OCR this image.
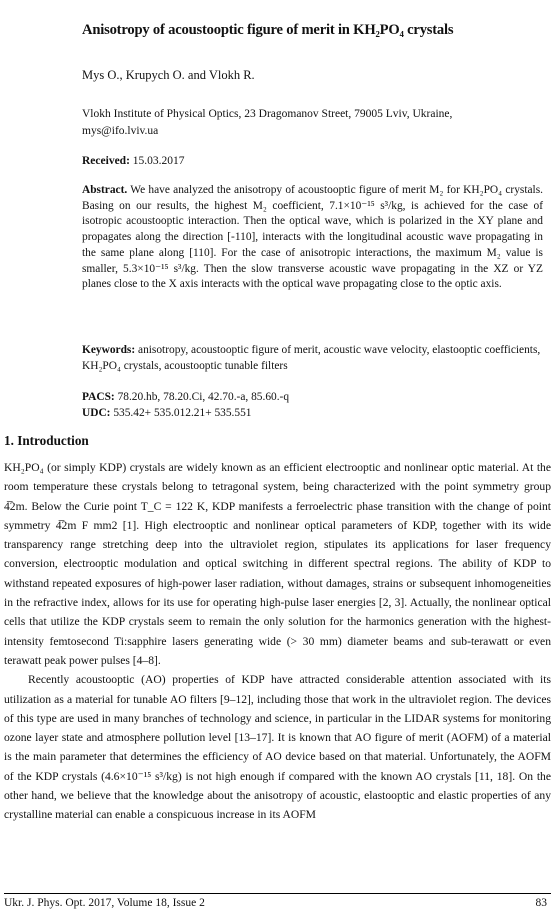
Anisotropy of acoustooptic figure of merit in KH₂PO₄ crystals
Mys O., Krupych O. and Vlokh R.
Vlokh Institute of Physical Optics, 23 Dragomanov Street, 79005 Lviv, Ukraine,
mys@ifo.lviv.ua
Received: 15.03.2017
Abstract. We have analyzed the anisotropy of acoustooptic figure of merit M₂ for KH₂PO₄ crystals. Basing on our results, the highest M₂ coefficient, 7.1×10⁻¹⁵ s³/kg, is achieved for the case of isotropic acoustooptic interaction. Then the optical wave, which is polarized in the XY plane and propagates along the direction [-110], interacts with the longitudinal acoustic wave propagating in the same plane along [110]. For the case of anisotropic interactions, the maximum M₂ value is smaller, 5.3×10⁻¹⁵ s³/kg. Then the slow transverse acoustic wave propagating in the XZ or YZ planes close to the X axis interacts with the optical wave propagating close to the optic axis.
Keywords: anisotropy, acoustooptic figure of merit, acoustic wave velocity, elastooptic coefficients, KH₂PO₄ crystals, acoustooptic tunable filters
PACS: 78.20.hb, 78.20.Ci, 42.70.-a, 85.60.-q
UDC: 535.42+ 535.012.21+ 535.551
1. Introduction

KH₂PO₄ (or simply KDP) crystals are widely known as an efficient electrooptic and nonlinear optic material. At the room temperature these crystals belong to tetragonal system, being characterized with the point symmetry group 4̅2m. Below the Curie point T_C = 122 K, KDP manifests a ferroelectric phase transition with the change of point symmetry 4̅2m F mm2 [1]. High electrooptic and nonlinear optical parameters of KDP, together with its wide transparency range stretching deep into the ultraviolet region, stipulates its applications for laser frequency conversion, electrooptic modulation and optical switching in different spectral regions. The ability of KDP to withstand repeated exposures of high-power laser radiation, without damages, strains or subsequent inhomogeneities in the refractive index, allows for its use for operating high-pulse laser energies [2, 3]. Actually, the nonlinear optical cells that utilize the KDP crystals seem to remain the only solution for the harmonics generation with the highest-intensity femtosecond Ti:sapphire lasers generating wide (> 30 mm) diameter beams and sub-terawatt or even terawatt peak power pulses [4–8].

Recently acoustooptic (AO) properties of KDP have attracted considerable attention associated with its utilization as a material for tunable AO filters [9–12], including those that work in the ultraviolet region. The devices of this type are used in many branches of technology and science, in particular in the LIDAR systems for monitoring ozone layer state and atmosphere pollution level [13–17]. It is known that AO figure of merit (AOFM) of a material is the main parameter that determines the efficiency of AO device based on that material. Unfortunately, the AOFM of the KDP crystals (4.6×10⁻¹⁵ s³/kg) is not high enough if compared with the known AO crystals [11, 18]. On the other hand, we believe that the knowledge about the anisotropy of acoustic, elastooptic and elastic properties of any crystalline material can enable a conspicuous increase in its AOFM

Ukr. J. Phys. Opt. 2017, Volume 18, Issue 2	83
